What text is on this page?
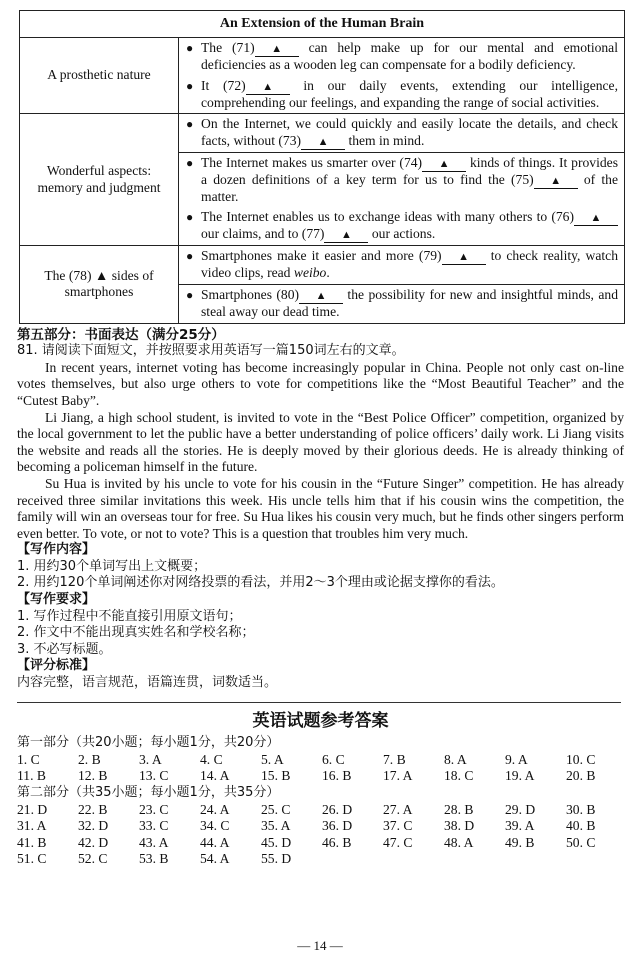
An Extension of the Human Brain	
A prosthetic nature	● The (71) ▲ can help make up for our mental and emotional deficiencies as a wooden leg can compensate for a bodily deficiency.
● It (72) ▲ in our daily events, extending our intelligence, comprehending our feelings, and expanding the range of social activities.

Wonderful aspects: memory and judgment	● On the Internet, we could quickly and easily locate the details, and check facts, without (73) ▲ them in mind.
● The Internet makes us smarter over (74) ▲ kinds of things. It provides a dozen definitions of a key term for us to find the (75) ▲ of the matter.
● The Internet enables us to exchange ideas with many others to (76) ▲ our claims, and to (77) ▲ our actions.

The (78) ▲ sides of smartphones	● Smartphones make it easier and more (79) ▲ to check reality, watch video clips, read weibo.
● Smartphones (80) ▲ the possibility for new and insightful minds, and steal away our dead time.
第五部分：书面表达（满分25分）

81. 请阅读下面短文，并按照要求用英语写一篇150词左右的文章。

In recent years, internet voting has become increasingly popular in China. People not only cast on-line votes themselves, but also urge others to vote for competitions like the “Most Beautiful Teacher” and the “Cutest Baby”.

Li Jiang, a high school student, is invited to vote in the “Best Police Officer” competition, organized by the local government to let the public have a better understanding of police officers’ daily work. Li Jiang visits the website and reads all the stories. He is deeply moved by their glorious deeds. He is already thinking of becoming a policeman himself in the future.

Su Hua is invited by his uncle to vote for his cousin in the “Future Singer” competition. He has already received three similar invitations this week. His uncle tells him that if his cousin wins the competition, the family will win an overseas tour for free. Su Hua likes his cousin very much, but he finds other singers perform even better. To vote, or not to vote? This is a question that troubles him very much.

【写作内容】

1. 用约30个单词写出上文概要；

2. 用约120个单词阐述你对网络投票的看法，并用2～3个理由或论据支撑你的看法。

【写作要求】

1. 写作过程中不能直接引用原文语句；

2. 作文中不能出现真实姓名和学校名称；

3. 不必写标题。

【评分标准】

内容完整，语言规范，语篇连贯，词数适当。

英语试题参考答案

第一部分（共20小题；每小题1分，共20分）

1. C	2. B	3. A	4. C	5. A	6. C	7. B	8. A	9. A	10. C
11. B	12. B	13. C	14. A	15. B	16. B	17. A	18. C	19. A	20. B

第二部分（共35小题；每小题1分，共35分）

21. D	22. B	23. C	24. A	25. C	26. D	27. A	28. B	29. D	30. B
31. A	32. D	33. C	34. C	35. A	36. D	37. C	38. D	39. A	40. B
41. B	42. D	43. A	44. A	45. D	46. B	47. C	48. A	49. B	50. C
51. C	52. C	53. B	54. A	55. D
— 14 —
